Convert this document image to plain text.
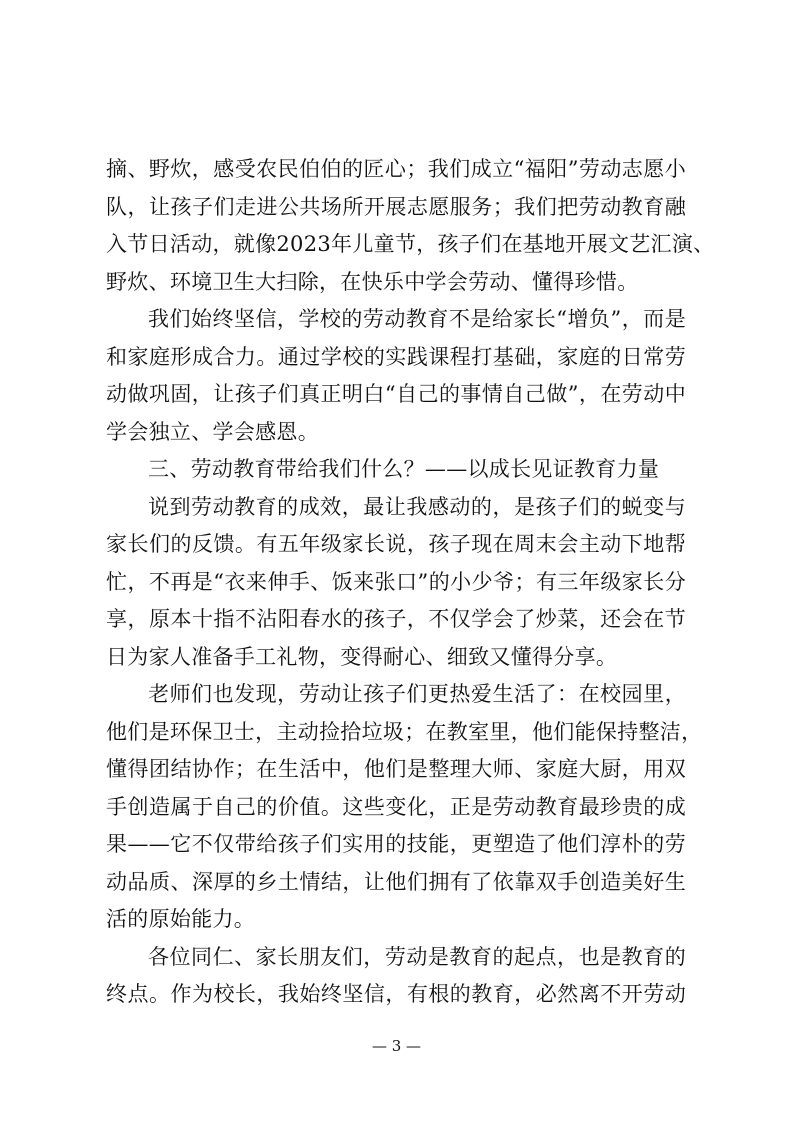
摘、野炊，感受农民伯伯的匠心；我们成立“福阳”劳动志愿小
队，让孩子们走进公共场所开展志愿服务；我们把劳动教育融
入节日活动，就像2023年儿童节，孩子们在基地开展文艺汇演、
野炊、环境卫生大扫除，在快乐中学会劳动、懂得珍惜。
我们始终坚信，学校的劳动教育不是给家长“增负”，而是
和家庭形成合力。通过学校的实践课程打基础，家庭的日常劳
动做巩固，让孩子们真正明白“自己的事情自己做”，在劳动中
学会独立、学会感恩。
三、劳动教育带给我们什么？——以成长见证教育力量
说到劳动教育的成效，最让我感动的，是孩子们的蜕变与
家长们的反馈。有五年级家长说，孩子现在周末会主动下地帮
忙，不再是“衣来伸手、饭来张口”的小少爷；有三年级家长分
享，原本十指不沾阳春水的孩子，不仅学会了炒菜，还会在节
日为家人准备手工礼物，变得耐心、细致又懂得分享。
老师们也发现，劳动让孩子们更热爱生活了：在校园里，
他们是环保卫士，主动捡拾垃圾；在教室里，他们能保持整洁，
懂得团结协作；在生活中，他们是整理大师、家庭大厨，用双
手创造属于自己的价值。这些变化，正是劳动教育最珍贵的成
果——它不仅带给孩子们实用的技能，更塑造了他们淳朴的劳
动品质、深厚的乡土情结，让他们拥有了依靠双手创造美好生
活的原始能力。
— 3 —
各位同仁、家长朋友们，劳动是教育的起点，也是教育的
终点。作为校长，我始终坚信，有根的教育，必然离不开劳动
